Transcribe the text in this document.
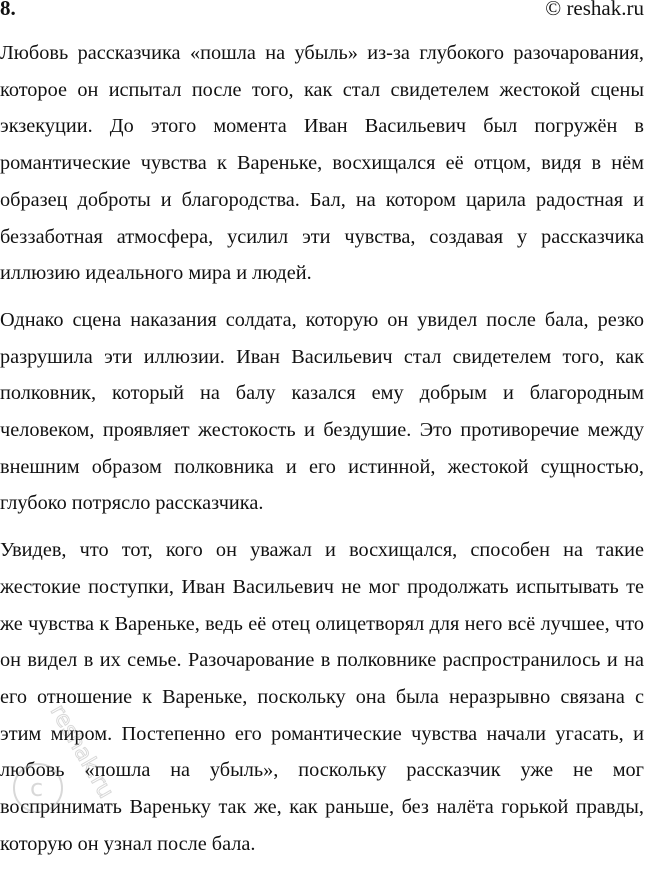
8.	© reshak.ru

Любовь рассказчика «пошла на убыль» из-за глубокого разочарования, которое он испытал после того, как стал свидетелем жестокой сцены экзекуции. До этого момента Иван Васильевич был погружён в романтические чувства к Вареньке, восхищался её отцом, видя в нём образец доброты и благородства. Бал, на котором царила радостная и беззаботная атмосфера, усилил эти чувства, создавая у рассказчика иллюзию идеального мира и людей.

Однако сцена наказания солдата, которую он увидел после бала, резко разрушила эти иллюзии. Иван Васильевич стал свидетелем того, как полковник, который на балу казался ему добрым и благородным человеком, проявляет жестокость и бездушие. Это противоречие между внешним образом полковника и его истинной, жестокой сущностью, глубоко потрясло рассказчика.

Увидев, что тот, кого он уважал и восхищался, способен на такие жестокие поступки, Иван Васильевич не мог продолжать испытывать те же чувства к Вареньке, ведь её отец олицетворял для него всё лучшее, что он видел в их семье. Разочарование в полковнике распространилось и на его отношение к Вареньке, поскольку она была неразрывно связана с этим миром. Постепенно его романтические чувства начали угасать, и любовь «пошла на убыль», поскольку рассказчик уже не мог воспринимать Вареньку так же, как раньше, без налёта горькой правды, которую он узнал после бала.

c reshak.ru
